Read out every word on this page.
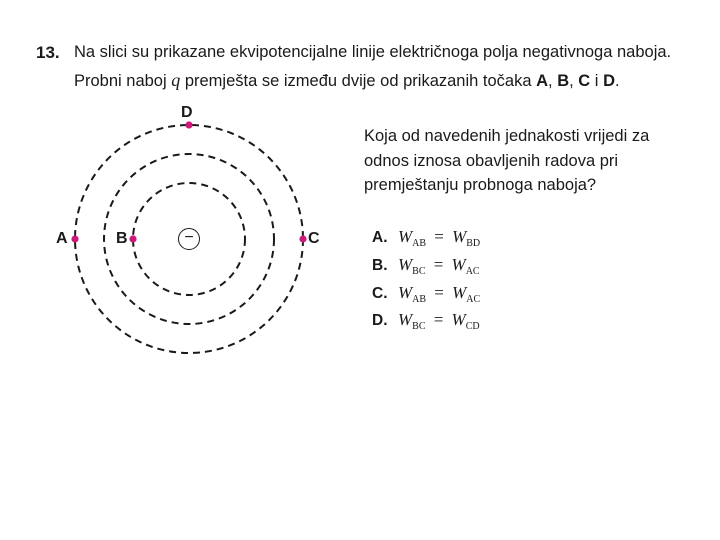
13. Na slici su prikazane ekvipotencijalne linije električnoga polja negativnoga naboja.
Probni naboj q premješta se između dvije od prikazanih točaka A, B, C i D.
−
A	B	C
D
Koja od navedenih jednakosti vrijedi za
odnos iznosa obavljenih radova pri
premještanju probnoga naboja?
A. $W_{AB} = W_{BD}$
B. $W_{BC} = W_{AC}$
C. $W_{AB} = W_{AC}$
D. $W_{BC} = W_{CD}$
